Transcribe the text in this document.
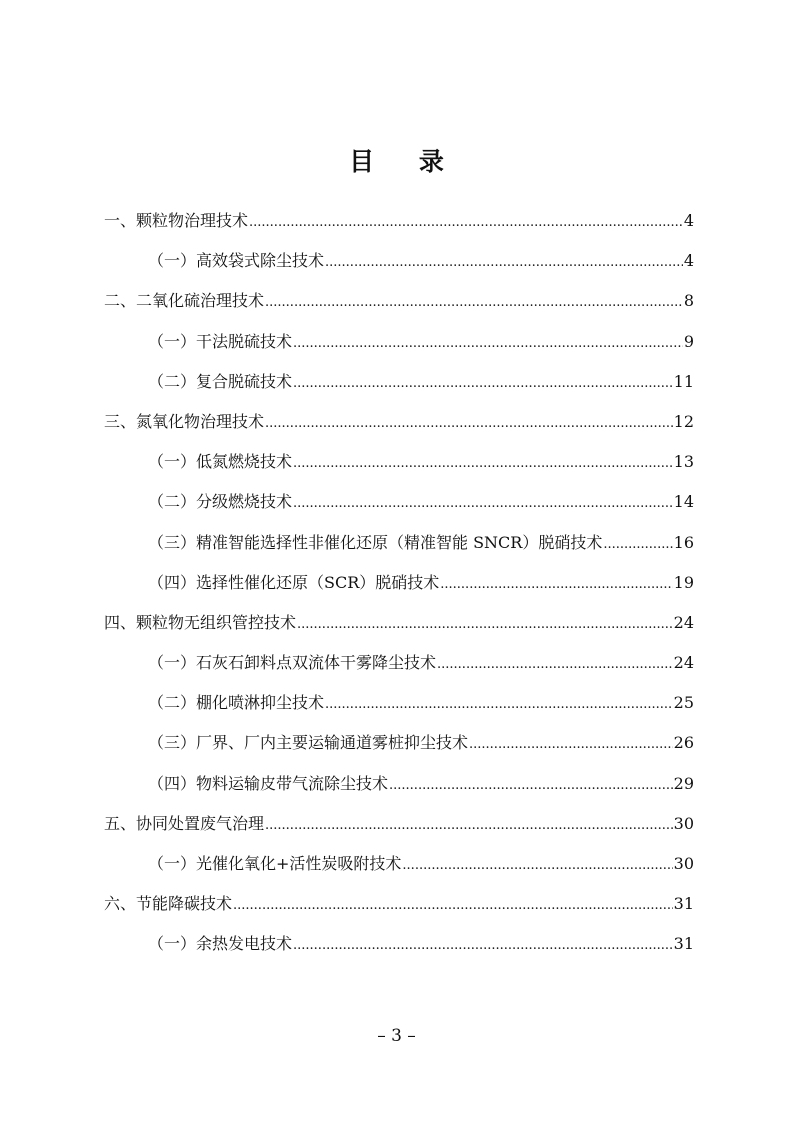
目 录
一、颗粒物治理技术 .....	4
（一）高效袋式除尘技术 .....	4
二、二氧化硫治理技术 .....	8
（一）干法脱硫技术 .....	9
（二）复合脱硫技术 .....	11
三、氮氧化物治理技术 .....	12
（一）低氮燃烧技术 .....	13
（二）分级燃烧技术 .....	14
（三）精准智能选择性非催化还原（精准智能 SNCR）脱硝技术 .....	16
（四）选择性催化还原（SCR）脱硝技术 .....	19
四、颗粒物无组织管控技术 .....	24
（一）石灰石卸料点双流体干雾降尘技术 .....	24
（二）棚化喷淋抑尘技术 .....	25
（三）厂界、厂内主要运输通道雾桩抑尘技术 .....	26
（四）物料运输皮带气流除尘技术 .....	29
五、协同处置废气治理 .....	30
（一）光催化氧化+活性炭吸附技术 .....	30
六、节能降碳技术 .....	31
（一）余热发电技术 .....	31
– 3 –
